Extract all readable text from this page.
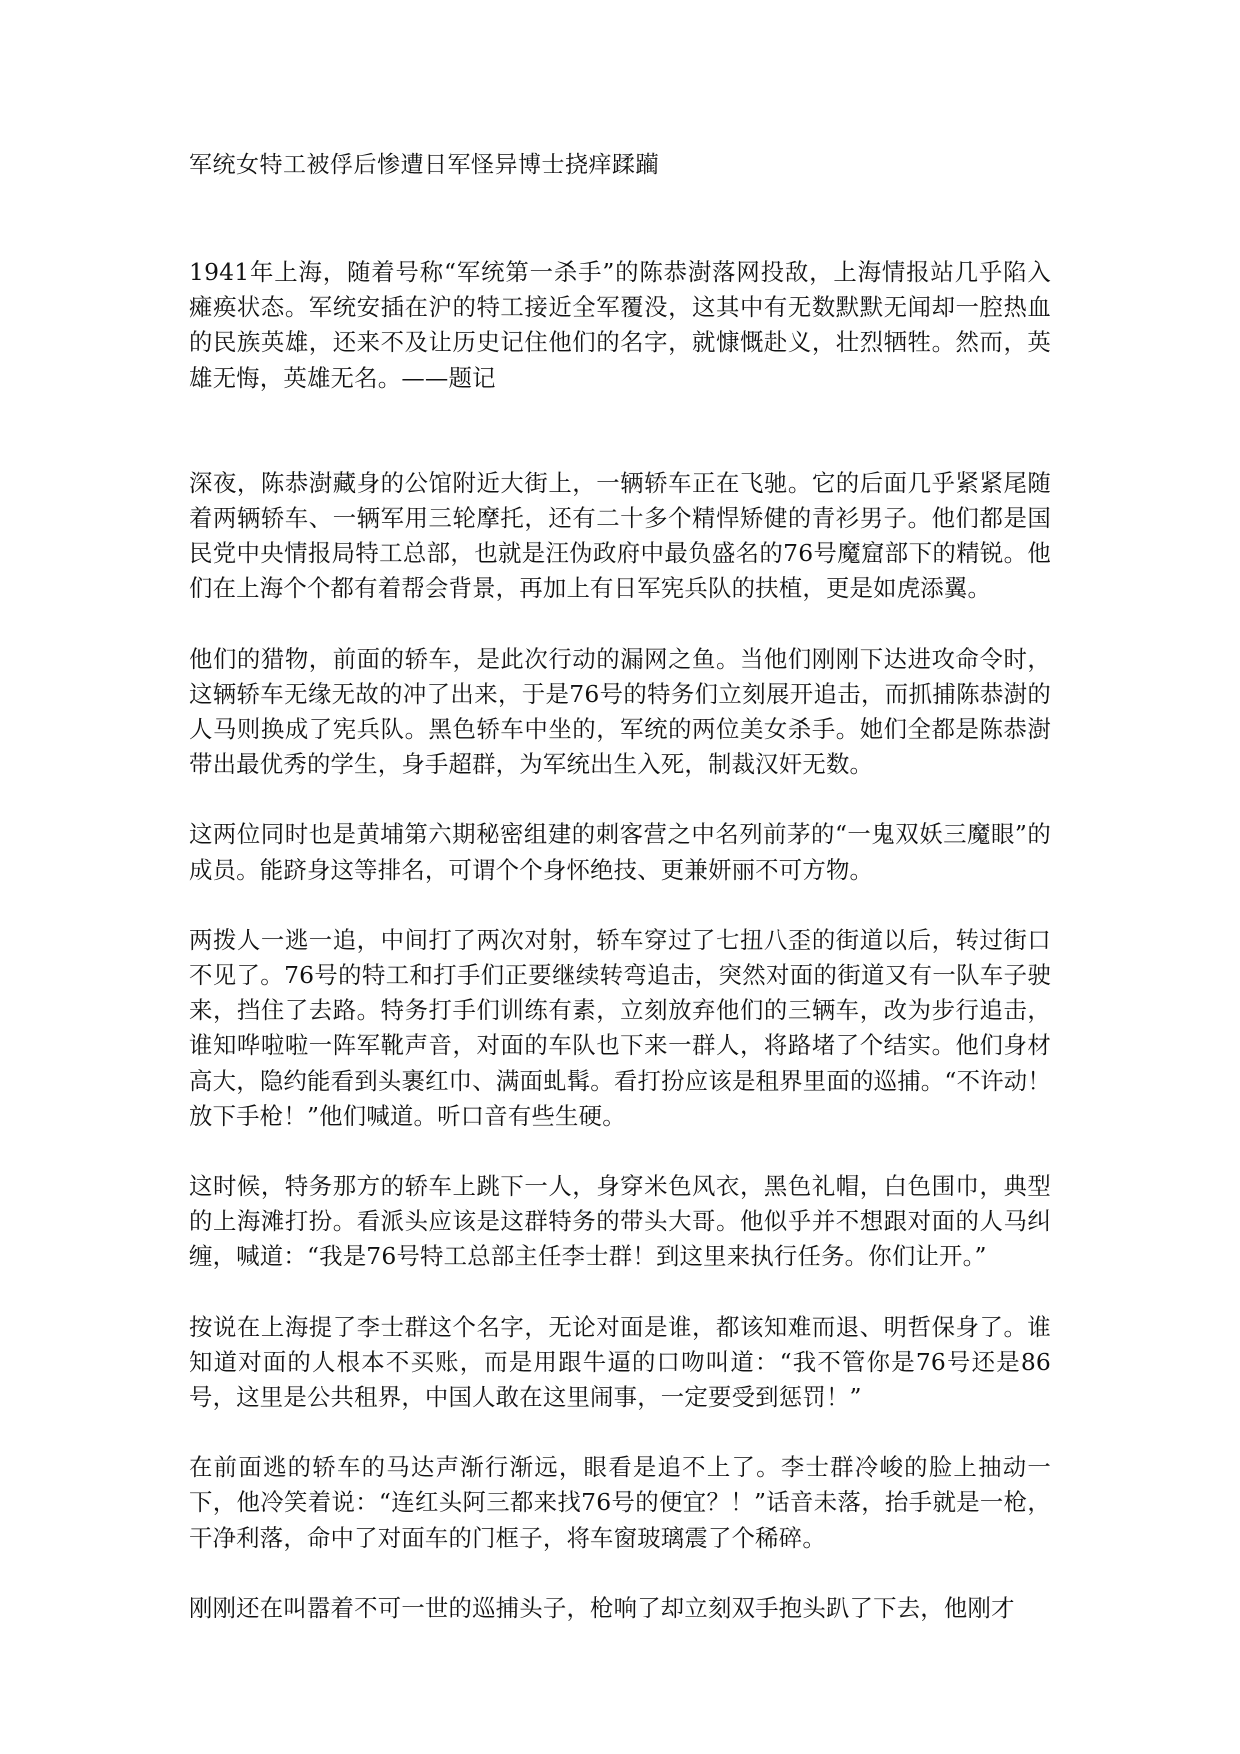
军统女特工被俘后惨遭日军怪异博士挠痒蹂躏

1941年上海，随着号称“军统第一杀手”的陈恭澍落网投敌，上海情报站几乎陷入瘫痪状态。军统安插在沪的特工接近全军覆没，这其中有无数默默无闻却一腔热血的民族英雄，还来不及让历史记住他们的名字，就慷慨赴义，壮烈牺牲。然而，英雄无悔，英雄无名。——题记

深夜，陈恭澍藏身的公馆附近大街上，一辆轿车正在飞驰。它的后面几乎紧紧尾随着两辆轿车、一辆军用三轮摩托，还有二十多个精悍矫健的青衫男子。他们都是国民党中央情报局特工总部，也就是汪伪政府中最负盛名的76号魔窟部下的精锐。他们在上海个个都有着帮会背景，再加上有日军宪兵队的扶植，更是如虎添翼。

他们的猎物，前面的轿车，是此次行动的漏网之鱼。当他们刚刚下达进攻命令时，这辆轿车无缘无故的冲了出来，于是76号的特务们立刻展开追击，而抓捕陈恭澍的人马则换成了宪兵队。黑色轿车中坐的，军统的两位美女杀手。她们全都是陈恭澍带出最优秀的学生，身手超群，为军统出生入死，制裁汉奸无数。

这两位同时也是黄埔第六期秘密组建的刺客营之中名列前茅的“一鬼双妖三魔眼”的成员。能跻身这等排名，可谓个个身怀绝技、更兼妍丽不可方物。

两拨人一逃一追，中间打了两次对射，轿车穿过了七扭八歪的街道以后，转过街口不见了。76号的特工和打手们正要继续转弯追击，突然对面的街道又有一队车子驶来，挡住了去路。特务打手们训练有素，立刻放弃他们的三辆车，改为步行追击，谁知哗啦啦一阵军靴声音，对面的车队也下来一群人，将路堵了个结实。他们身材高大，隐约能看到头裹红巾、满面虬髯。看打扮应该是租界里面的巡捕。“不许动！放下手枪！”他们喊道。听口音有些生硬。

这时候，特务那方的轿车上跳下一人，身穿米色风衣，黑色礼帽，白色围巾，典型的上海滩打扮。看派头应该是这群特务的带头大哥。他似乎并不想跟对面的人马纠缠，喊道：“我是76号特工总部主任李士群！到这里来执行任务。你们让开。”

按说在上海提了李士群这个名字，无论对面是谁，都该知难而退、明哲保身了。谁知道对面的人根本不买账，而是用跟牛逼的口吻叫道：“我不管你是76号还是86号，这里是公共租界，中国人敢在这里闹事，一定要受到惩罚！”

在前面逃的轿车的马达声渐行渐远，眼看是追不上了。李士群冷峻的脸上抽动一下，他冷笑着说：“连红头阿三都来找76号的便宜？！”话音未落，抬手就是一枪，干净利落，命中了对面车的门框子，将车窗玻璃震了个稀碎。

刚刚还在叫嚣着不可一世的巡捕头子，枪响了却立刻双手抱头趴了下去，他刚才
